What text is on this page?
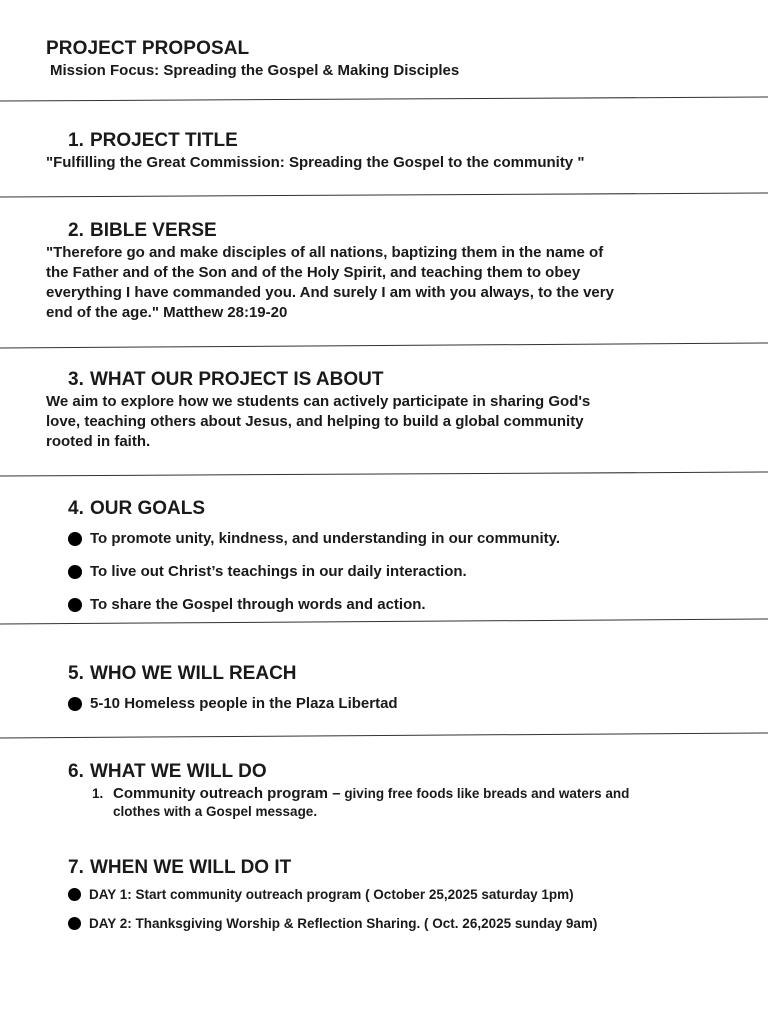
PROJECT PROPOSAL
Mission Focus: Spreading the Gospel & Making Disciples
1. PROJECT TITLE
"Fulfilling the Great Commission: Spreading the Gospel to the community "
2. BIBLE VERSE
"Therefore go and make disciples of all nations, baptizing them in the name of
the Father and of the Son and of the Holy Spirit, and teaching them to obey
everything I have commanded you. And surely I am with you always, to the very
end of the age." Matthew 28:19-20
3. WHAT OUR PROJECT IS ABOUT
We aim to explore how we students can actively participate in sharing God's
love, teaching others about Jesus, and helping to build a global community
rooted in faith.
4. OUR GOALS
To promote unity, kindness, and understanding in our community.
To live out Christ’s teachings in our daily interaction.
To share the Gospel through words and action.
5. WHO WE WILL REACH
5-10 Homeless people in the Plaza Libertad
6. WHAT WE WILL DO
1. Community outreach program – giving free foods like breads and waters and
clothes with a Gospel message.
7. WHEN WE WILL DO IT
DAY 1: Start community outreach program ( October 25,2025 saturday 1pm)
DAY 2: Thanksgiving Worship & Reflection Sharing. ( Oct. 26,2025 sunday 9am)
